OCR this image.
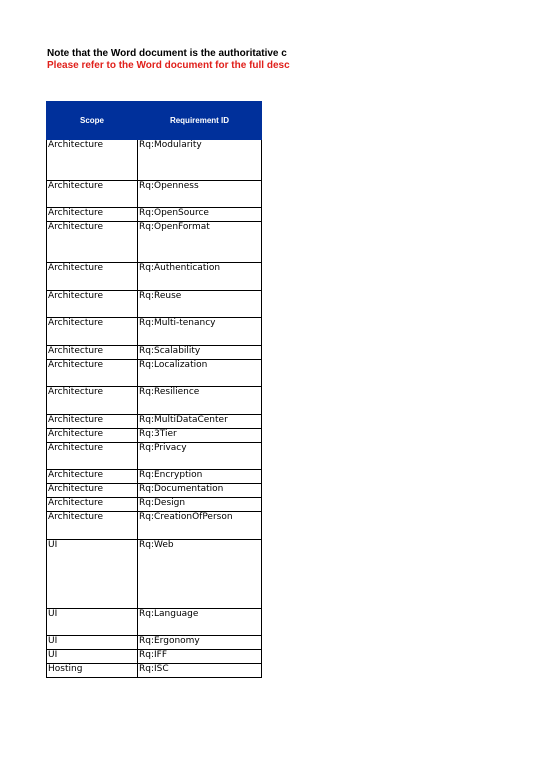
Note that the Word document is the authoritative c
Please refer to the Word document for the full desc
Scope	Requirement ID
Architecture	Rq:Modularity
Architecture	Rq:Openness
Architecture	Rq:OpenSource
Architecture	Rq:OpenFormat
Architecture	Rq:Authentication
Architecture	Rq:Reuse
Architecture	Rq:Multi-tenancy
Architecture	Rq:Scalability
Architecture	Rq:Localization
Architecture	Rq:Resilience
Architecture	Rq:MultiDataCenter
Architecture	Rq:3Tier
Architecture	Rq:Privacy
Architecture	Rq:Encryption
Architecture	Rq:Documentation
Architecture	Rq:Design
Architecture	Rq:CreationOfPerson
UI	Rq:Web
UI	Rq:Language
UI	Rq:Ergonomy
UI	Rq:IFF
Hosting	Rq:ISC
